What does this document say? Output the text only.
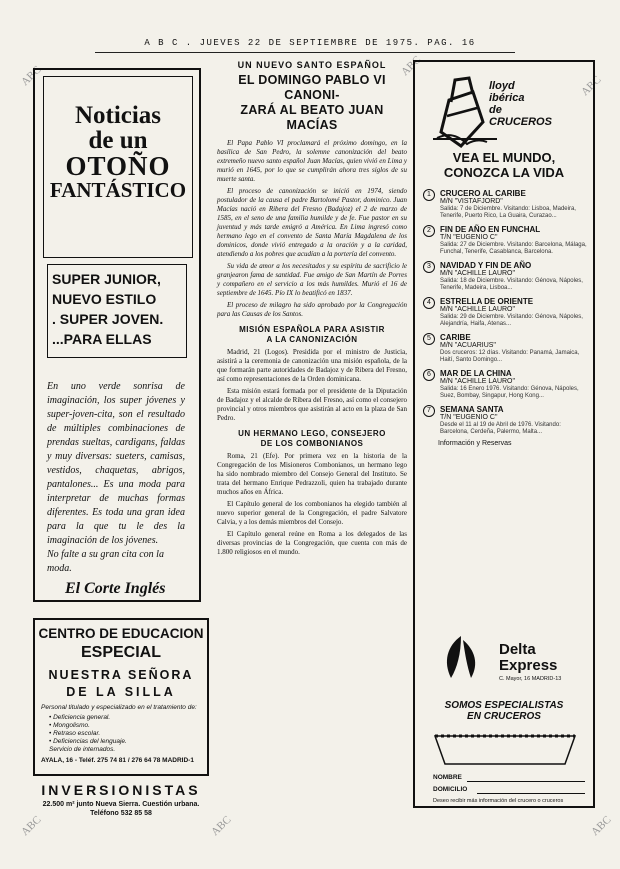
A B C . JUEVES 22 DE SEPTIEMBRE DE 1975. PAG. 16
ABC	ABC
ABC	ABC	ABC
ABC
Noticias
de un
OTOÑO
FANTÁSTICO
SUPER JUNIOR,
NUEVO ESTILO
. SUPER JOVEN.
...PARA ELLAS
En uno verde sonrisa de imaginación, los super jóvenes y super-joven-cita, son el resultado de múltiples combinaciones de prendas sueltas, cardigans, faldas y muy diversas: sueters, camisas, vestidos, chaquetas, abrigos, pantalones... Es una moda para interpretar de muchas formas diferentes. Es toda una gran idea para la que tu le des la imaginación de los jóvenes.
No falte a su gran cita con la moda.
El Corte Inglés
CENTRO DE EDUCACION
ESPECIAL
NUESTRA SEÑORA
DE LA SILLA
Personal titulado y especializado en el tratamiento de:
• Deficiencia general.
• Mongolismo.
• Retraso escolar.
• Deficiencias del lenguaje.
Servicio de internados.
AYALA, 16 - Teléf. 275 74 81 / 276 64 78 MADRID-1
INVERSIONISTAS
22.500 m² junto Nueva Sierra. Cuestión urbana. Teléfono 532 85 58
UN NUEVO SANTO ESPAÑOL
EL DOMINGO PABLO VI CANONI-
ZARÁ AL BEATO JUAN MACÍAS
El Papa Pablo VI proclamará el próximo domingo, en la basílica de San Pedro, la solemne canonización del beato extremeño nuevo santo español Juan Macías, quien vivió en Lima y murió en 1645, por lo que se cumplirán ahora tres siglos de su muerte santa.
El proceso de canonización se inició en 1974, siendo postulador de la causa el padre Bartolomé Pastor, dominico. Juan Macías nació en Ribera del Fresno (Badajoz) el 2 de marzo de 1585, en el seno de una familia humilde y de fe. Fue pastor en su juventud y más tarde emigró a América. En Lima ingresó como hermano lego en el convento de Santa María Magdalena de los dominicos, donde vivió entregado a la oración y a la caridad, atendiendo a los pobres que acudían a la portería del convento.
Su vida de amor a los necesitados y su espíritu de sacrificio le granjearon fama de santidad. Fue amigo de San Martín de Porres y compañero en el servicio a los más humildes. Murió el 16 de septiembre de 1645. Pío IX lo beatificó en 1837.
El proceso de milagro ha sido aprobado por la Congregación para las Causas de los Santos.
MISIÓN ESPAÑOLA PARA ASISTIR
A LA CANONIZACIÓN
Madrid, 21 (Logos). Presidida por el ministro de Justicia, asistirá a la ceremonia de canonización una misión española, de la que formarán parte autoridades de Badajoz y de Ribera del Fresno, así como representaciones de la Orden dominicana.
Esta misión estará formada por el presidente de la Diputación de Badajoz y el alcalde de Ribera del Fresno, así como el consejero provincial y otros miembros que asistirán al acto en la plaza de San Pedro.
UN HERMANO LEGO, CONSEJERO
DE LOS COMBONIANOS
Roma, 21 (Efe). Por primera vez en la historia de la Congregación de los Misioneros Combonianos, un hermano lego ha sido nombrado miembro del Consejo General del Instituto. Se trata del hermano Enrique Pedrazzoli, quien ha trabajado durante muchos años en África.
El Capítulo general de los combonianos ha elegido también al nuevo superior general de la Congregación, el padre Salvatore Calvia, y a los demás miembros del Consejo.
El Capítulo general reúne en Roma a los delegados de las diversas provincias de la Congregación, que cuenta con más de 1.800 religiosos en el mundo.
lloyd
ibérica
de
CRUCEROS
VEA EL MUNDO,
CONOZCA LA VIDA
1	CRUCERO AL CARIBE
M/N "VISTAFJORD"
Salida: 7 de Diciembre. Visitando: Lisboa, Madeira, Tenerife, Puerto Rico, La Guaira, Curazao...
2	FIN DE AÑO EN FUNCHAL
T/N "EUGENIO C"
Salida: 27 de Diciembre. Visitando: Barcelona, Málaga, Funchal, Tenerife, Casablanca, Barcelona.
3	NAVIDAD Y FIN DE AÑO
M/N "ACHILLE LAURO"
Salida: 18 de Diciembre. Visitando: Génova, Nápoles, Tenerife, Madeira, Lisboa...
4	ESTRELLA DE ORIENTE
M/N "ACHILLE LAURO"
Salida: 29 de Diciembre. Visitando: Génova, Nápoles, Alejandría, Haifa, Atenas...
5	CARIBE
M/N "ACUARIUS"
Dos cruceros: 12 días. Visitando: Panamá, Jamaica, Haití, Santo Domingo...
6	MAR DE LA CHINA
M/N "ACHILLE LAURO"
Salida: 16 Enero 1976. Visitando: Génova, Nápoles, Suez, Bombay, Singapur, Hong Kong...
7	SEMANA SANTA
T/N "EUGENIO C"
Desde el 11 al 19 de Abril de 1976. Visitando: Barcelona, Cerdeña, Palermo, Malta...
Información y Reservas
Delta
Express
C. Mayor, 16 MADRID-13
SOMOS ESPECIALISTAS
EN CRUCEROS
NOMBRE
DOMICILIO
Deseo recibir más información del crucero o cruceros
